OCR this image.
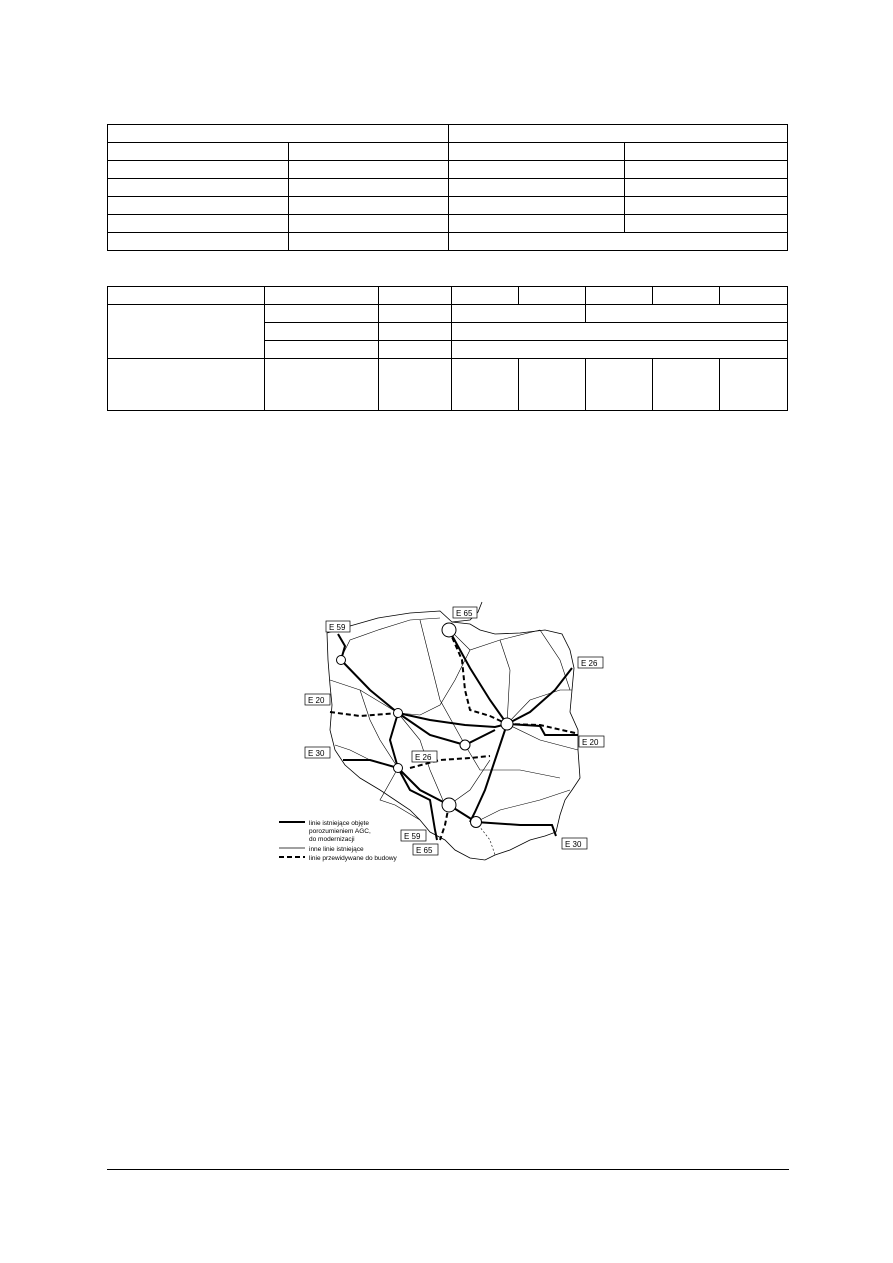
E 65
E 59
E 26
E 20
E 20
E 30	E 26
E 59
E 65
E 30
linie istniejące objęte
porozumieniem AGC,
do modernizacji
inne linie istniejące
linie przewidywane do budowy
